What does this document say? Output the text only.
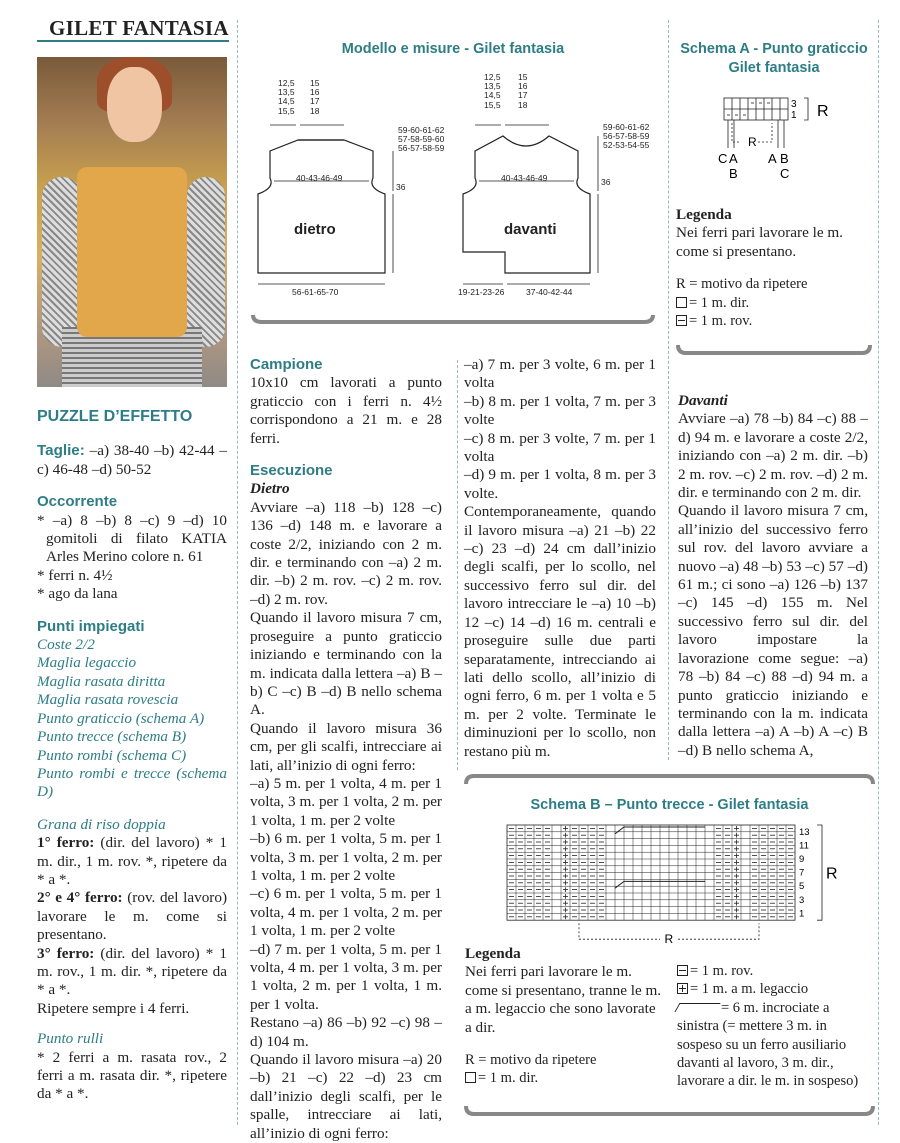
GILET FANTASIA
PUZZLE D’EFFETTO

Taglie: –a) 38-40 –b) 42-44 –c) 46-48 –d) 50-52

Occorrente

* –a) 8 –b) 8 –c) 9 –d) 10 gomitoli di filato KATIA Arles Merino colore n. 61

* ferri n. 4½

* ago da lana

Punti impiegati

Coste 2/2

Maglia legaccio

Maglia rasata diritta

Maglia rasata rovescia

Punto graticcio (schema A)

Punto trecce (schema B)

Punto rombi (schema C)

Punto rombi e trecce (schema D)

Grana di riso doppia

1° ferro: (dir. del lavoro) * 1 m. dir., 1 m. rov. *, ripetere da * a *.

2° e 4° ferro: (rov. del lavoro) lavorare le m. come si presentano.

3° ferro: (dir. del lavoro) * 1 m. rov., 1 m. dir. *, ripetere da * a *.

Ripetere sempre i 4 ferri.

Punto rulli

* 2 ferri a m. rasata rov., 2 ferri a m. rasata dir. *, ripetere da * a *.

Modello e misure - Gilet fantasia
12,5
13,5
14,5
15,5
15
16
17
18
59-60-61-62
57-58-59-60
56-57-58-59
40-43-46-49
36
dietro
56-61-65-70
12,5
13,5
14,5
15,5
15
16
17
18
59-60-61-62
56-57-58-59
52-53-54-55
40-43-46-49	36
davanti
19-21-23-26	37-40-42-44
Campione

10x10 cm lavorati a punto graticcio con i ferri n. 4½ corrispondono a 21 m. e 28 ferri.

Esecuzione
Dietro

Avviare –a) 118 –b) 128 –c) 136 –d) 148 m. e lavorare a coste 2/2, iniziando con 2 m. dir. e terminando con –a) 2 m. dir. –b) 2 m. rov. –c) 2 m. rov. –d) 2 m. rov.

Quando il lavoro misura 7 cm, proseguire a punto graticcio iniziando e terminando con la m. indicata dalla lettera –a) B –b) C –c) B –d) B nello schema A.

Quando il lavoro misura 36 cm, per gli scalfi, intrecciare ai lati, all’inizio di ogni ferro:

–a) 5 m. per 1 volta, 4 m. per 1 volta, 3 m. per 1 volta, 2 m. per 1 volta, 1 m. per 2 volte

–b) 6 m. per 1 volta, 5 m. per 1 volta, 3 m. per 1 volta, 2 m. per 1 volta, 1 m. per 2 volte

–c) 6 m. per 1 volta, 5 m. per 1 volta, 4 m. per 1 volta, 2 m. per 1 volta, 1 m. per 2 volte

–d) 7 m. per 1 volta, 5 m. per 1 volta, 4 m. per 1 volta, 3 m. per 1 volta, 2 m. per 1 volta, 1 m. per 1 volta.

Restano –a) 86 –b) 92 –c) 98 –d) 104 m.

Quando il lavoro misura –a) 20 –b) 21 –c) 22 –d) 23 cm dall’inizio degli scalfi, per le spalle, intrecciare ai lati, all’inizio di ogni ferro:

–a) 7 m. per 3 volte, 6 m. per 1 volta

–b) 8 m. per 1 volta, 7 m. per 3 volte

–c) 8 m. per 3 volte, 7 m. per 1 volta

–d) 9 m. per 1 volta, 8 m. per 3 volte.

Contemporaneamente, quando il lavoro misura –a) 21 –b) 22 –c) 23 –d) 24 cm dall’inizio degli scalfi, per lo scollo, nel successivo ferro sul dir. del lavoro intrecciare le –a) 10 –b) 12 –c) 14 –d) 16 m. centrali e proseguire sulle due parti separatamente, intrecciando ai lati dello scollo, all’inizio di ogni ferro, 6 m. per 1 volta e 5 m. per 2 volte. Terminate le diminuzioni per lo scollo, non restano più m.

Schema A - Punto graticcio
Gilet fantasia
3
1 R
R
C A A B
B	C
Legenda

Nei ferri pari lavorare le m. come si presentano.

R = motivo da ripetere

= 1 m. dir.

= 1 m. rov.

Davanti

Avviare –a) 78 –b) 84 –c) 88 –d) 94 m. e lavorare a coste 2/2, iniziando con –a) 2 m. dir. –b) 2 m. rov. –c) 2 m. rov. –d) 2 m. dir. e terminando con 2 m. dir.

Quando il lavoro misura 7 cm, all’inizio del successivo ferro sul rov. del lavoro avviare a nuovo –a) 48 –b) 53 –c) 57 –d) 61 m.; ci sono –a) 126 –b) 137 –c) 145 –d) 155 m. Nel successivo ferro sul dir. del lavoro impostare la lavorazione come segue: –a) 78 –b) 84 –c) 88 –d) 94 m. a punto graticcio iniziando e terminando con la m. indicata dalla lettera –a) A –b) A –c) B –d) B nello schema A,

Schema B – Punto trecce - Gilet fantasia
13
11
9
7
5
3
1
R
R
Legenda

Nei ferri pari lavorare le m. come si presentano, tranne le m. a m. legaccio che sono lavorate a dir.

R = motivo da ripetere

= 1 m. dir.

= 1 m. rov.

= 1 m. a m. legaccio

= 6 m. incrociate a sinistra (= mettere 3 m. in sospeso su un ferro ausiliario davanti al lavoro, 3 m. dir., lavorare a dir. le m. in sospeso)
